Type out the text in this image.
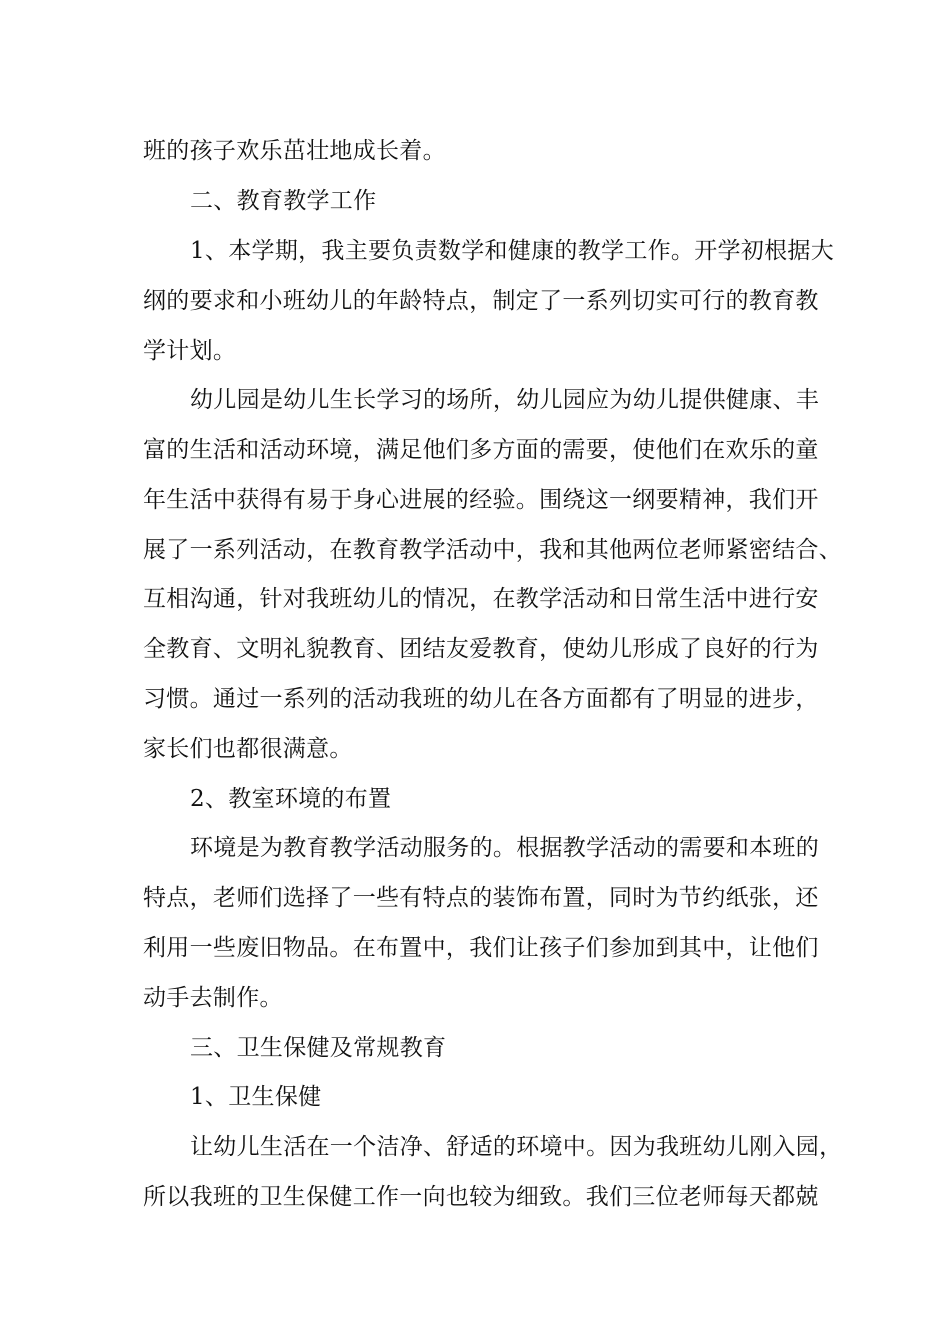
班的孩子欢乐茁壮地成长着。
二、教育教学工作
1、本学期，我主要负责数学和健康的教学工作。开学初根据大
纲的要求和小班幼儿的年龄特点，制定了一系列切实可行的教育教
学计划。
幼儿园是幼儿生长学习的场所，幼儿园应为幼儿提供健康、丰
富的生活和活动环境，满足他们多方面的需要，使他们在欢乐的童
年生活中获得有易于身心进展的经验。围绕这一纲要精神，我们开
展了一系列活动，在教育教学活动中，我和其他两位老师紧密结合、
互相沟通，针对我班幼儿的情况，在教学活动和日常生活中进行安
全教育、文明礼貌教育、团结友爱教育，使幼儿形成了良好的行为
习惯。通过一系列的活动我班的幼儿在各方面都有了明显的进步，
家长们也都很满意。
2、教室环境的布置
环境是为教育教学活动服务的。根据教学活动的需要和本班的
特点，老师们选择了一些有特点的装饰布置，同时为节约纸张，还
利用一些废旧物品。在布置中，我们让孩子们参加到其中，让他们
动手去制作。
三、卫生保健及常规教育
1、卫生保健
让幼儿生活在一个洁净、舒适的环境中。因为我班幼儿刚入园，
所以我班的卫生保健工作一向也较为细致。我们三位老师每天都兢
